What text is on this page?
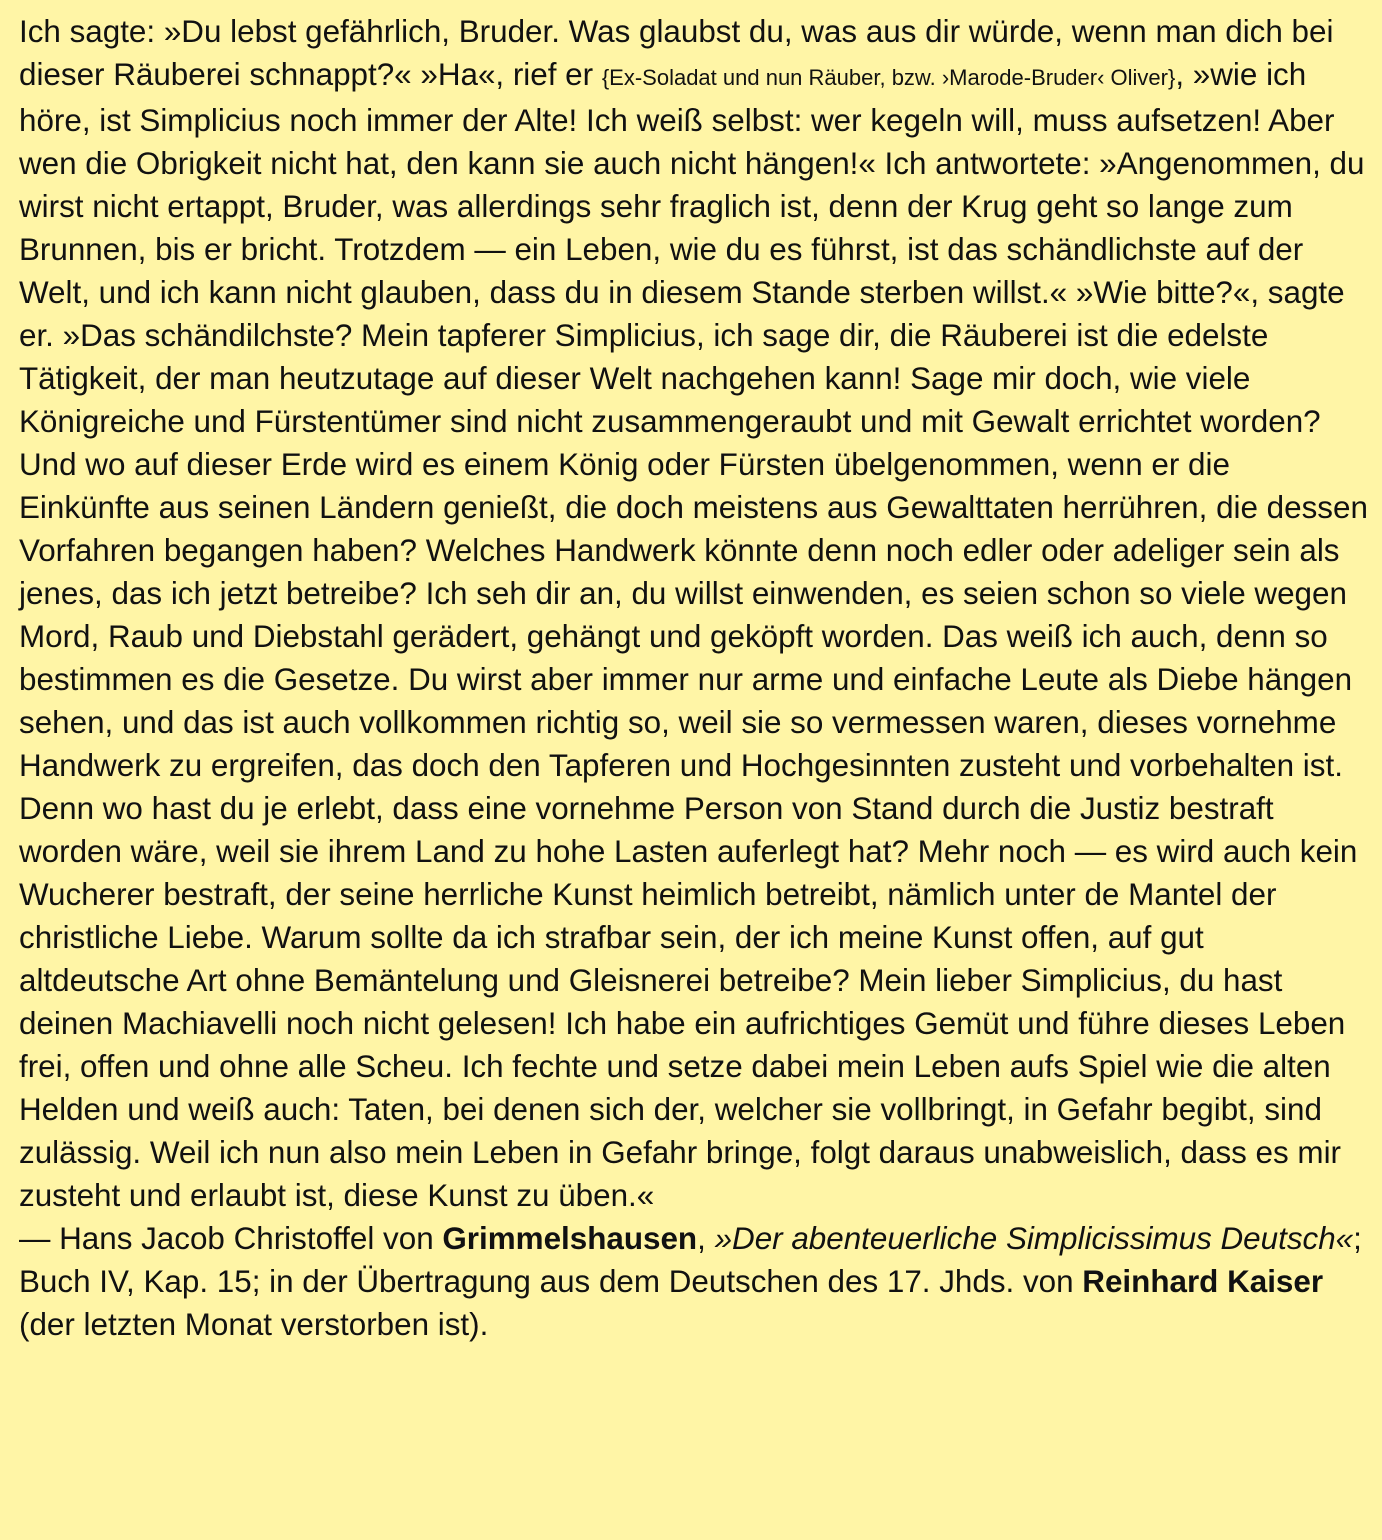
Ich sagte: »Du lebst gefährlich, Bruder. Was glaubst du, was aus dir würde, wenn man dich bei dieser Räuberei schnappt?« »Ha«, rief er {Ex-Soladat und nun Räuber, bzw. ›Marode-Bruder‹ Oliver}, »wie ich höre, ist Simplicius noch immer der Alte! Ich weiß selbst: wer kegeln will, muss aufsetzen! Aber wen die Obrigkeit nicht hat, den kann sie auch nicht hängen!« Ich antwortete: »Angenommen, du wirst nicht ertappt, Bruder, was allerdings sehr fraglich ist, denn der Krug geht so lange zum Brunnen, bis er bricht. Trotzdem — ein Leben, wie du es führst, ist das schändlichste auf der Welt, und ich kann nicht glauben, dass du in diesem Stande sterben willst.« »Wie bitte?«, sagte er. »Das schändilchste? Mein tapferer Simplicius, ich sage dir, die Räuberei ist die edelste Tätigkeit, der man heutzutage auf dieser Welt nachgehen kann! Sage mir doch, wie viele Königreiche und Fürstentümer sind nicht zusammengeraubt und mit Gewalt errichtet worden? Und wo auf dieser Erde wird es einem König oder Fürsten übelgenommen, wenn er die Einkünfte aus seinen Ländern genießt, die doch meistens aus Gewalttaten herrühren, die dessen Vorfahren begangen haben? Welches Handwerk könnte denn noch edler oder adeliger sein als jenes, das ich jetzt betreibe? Ich seh dir an, du willst einwenden, es seien schon so viele wegen Mord, Raub und Diebstahl gerädert, gehängt und geköpft worden. Das weiß ich auch, denn so bestimmen es die Gesetze. Du wirst aber immer nur arme und einfache Leute als Diebe hängen sehen, und das ist auch vollkommen richtig so, weil sie so vermessen waren, dieses vornehme Handwerk zu ergreifen, das doch den Tapferen und Hochgesinnten zusteht und vorbehalten ist. Denn wo hast du je erlebt, dass eine vornehme Person von Stand durch die Justiz bestraft worden wäre, weil sie ihrem Land zu hohe Lasten auferlegt hat? Mehr noch — es wird auch kein Wucherer bestraft, der seine herrliche Kunst heimlich betreibt, nämlich unter de Mantel der christliche Liebe. Warum sollte da ich strafbar sein, der ich meine Kunst offen, auf gut altdeutsche Art ohne Bemäntelung und Gleisnerei betreibe? Mein lieber Simplicius, du hast deinen Machiavelli noch nicht gelesen! Ich habe ein aufrichtiges Gemüt und führe dieses Leben frei, offen und ohne alle Scheu. Ich fechte und setze dabei mein Leben aufs Spiel wie die alten Helden und weiß auch: Taten, bei denen sich der, welcher sie vollbringt, in Gefahr begibt, sind zulässig. Weil ich nun also mein Leben in Gefahr bringe, folgt daraus unabweislich, dass es mir zusteht und erlaubt ist, diese Kunst zu üben.«

— Hans Jacob Christoffel von Grimmelshausen, »Der abenteuerliche Simplicissimus Deutsch«; Buch IV, Kap. 15; in der Übertragung aus dem Deutschen des 17. Jhds. von Reinhard Kaiser (der letzten Monat verstorben ist).
